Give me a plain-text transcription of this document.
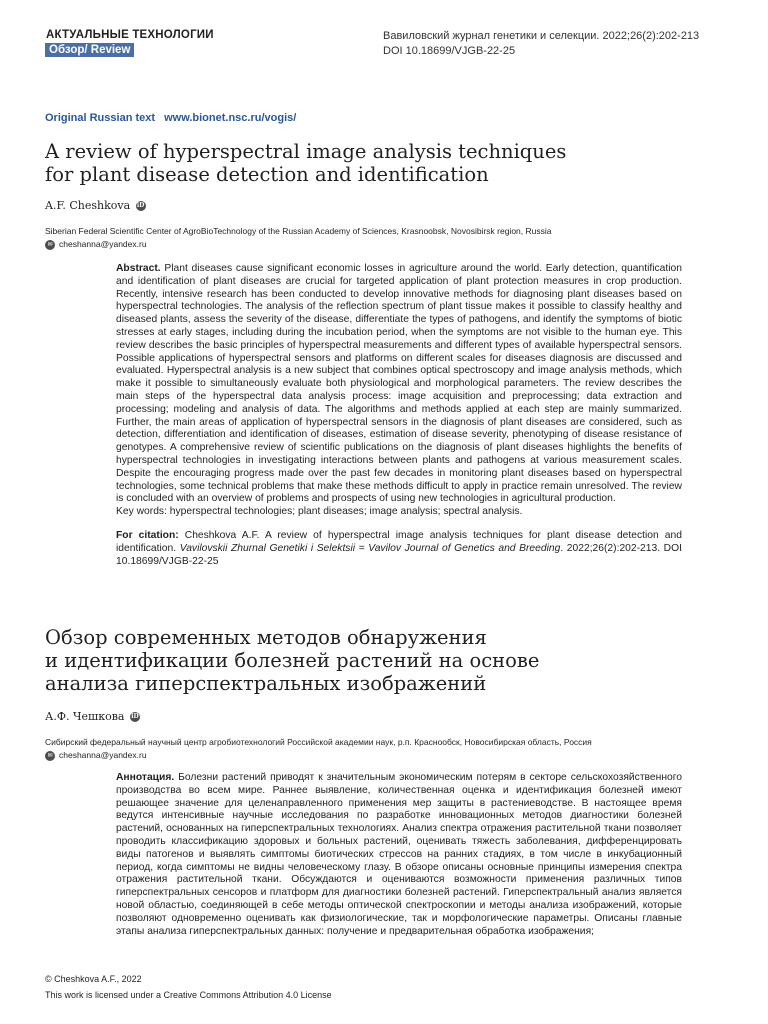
АКТУАЛЬНЫЕ ТЕХНОЛОГИИ
Обзор/ Review
Вавиловский журнал генетики и селекции. 2022;26(2):202-213
DOI 10.18699/VJGB-22-25
Original Russian text www.bionet.nsc.ru/vogis/
A review of hyperspectral image analysis techniques
for plant disease detection and identification
A.F. Cheshkova iD
Siberian Federal Scientific Center of AgroBioTechnology of the Russian Academy of Sciences, Krasnoobsk, Novosibirsk region, Russia
✉ cheshanna@yandex.ru

Abstract. Plant diseases cause significant economic losses in agriculture around the world. Early detection, quantification and identification of plant diseases are crucial for targeted application of plant protection measures in crop production. Recently, intensive research has been conducted to develop innovative methods for diagnosing plant diseases based on hyperspectral technologies. The analysis of the reflection spectrum of plant tissue makes it possible to classify healthy and diseased plants, assess the severity of the disease, differentiate the types of pathogens, and identify the symptoms of biotic stresses at early stages, including during the incubation period, when the symptoms are not visible to the human eye. This review describes the basic principles of hyperspectral measurements and different types of available hyperspectral sensors. Possible applications of hyperspectral sensors and platforms on different scales for diseases diagnosis are discussed and evaluated. Hyperspectral analysis is a new subject that combines optical spectroscopy and image analysis methods, which make it possible to simultaneously evaluate both physiological and morphological parameters. The review describes the main steps of the hyperspectral data analysis process: image acquisition and preprocessing; data extraction and processing; modeling and analysis of data. The algorithms and methods applied at each step are mainly summarized. Further, the main areas of application of hyperspectral sensors in the diagnosis of plant diseases are considered, such as detection, differentiation and identification of diseases, estimation of disease severity, phenotyping of disease resistance of genotypes. A comprehensive review of scientific publications on the diagnosis of plant diseases highlights the benefits of hyperspectral technologies in investigating interactions between plants and pathogens at various measurement scales. Despite the encouraging progress made over the past few decades in monitoring plant diseases based on hyperspectral technologies, some technical problems that make these methods difficult to apply in practice remain unresolved. The review is concluded with an overview of problems and prospects of using new technologies in agricultural production.

Key words: hyperspectral technologies; plant diseases; image analysis; spectral analysis.

For citation: Cheshkova A.F. A review of hyperspectral image analysis techniques for plant disease detection and identification. Vavilovskii Zhurnal Genetiki i Selektsii = Vavilov Journal of Genetics and Breeding. 2022;26(2):202-213. DOI 10.18699/VJGB-22-25

Обзор современных методов обнаружения
и идентификации болезней растений на основе
анализа гиперспектральных изображений
А.Ф. Чешкова iD
Сибирский федеральный научный центр агробиотехнологий Российской академии наук, р.п. Краснообск, Новосибирская область, Россия
✉ cheshanna@yandex.ru

Аннотация. Болезни растений приводят к значительным экономическим потерям в секторе сельскохозяйственного производства во всем мире. Раннее выявление, количественная оценка и идентификация болезней имеют решающее значение для целенаправленного применения мер защиты в растениеводстве. В настоящее время ведутся интенсивные научные исследования по разработке инновационных методов диагностики болезней растений, основанных на гиперспектральных технологиях. Анализ спектра отражения растительной ткани позволяет проводить классификацию здоровых и больных растений, оценивать тяжесть заболевания, дифференцировать виды патогенов и выявлять симптомы биотических стрессов на ранних стадиях, в том числе в инкубационный период, когда симптомы не видны человеческому глазу. В обзоре описаны основные принципы измерения спектра отражения растительной ткани. Обсуждаются и оцениваются возможности применения различных типов гиперспектральных сенсоров и платформ для диагностики болезней растений. Гиперспектральный анализ является новой областью, соединяющей в себе методы оптической спектроскопии и методы анализа изображений, которые позволяют одновременно оценивать как физиологические, так и морфологические параметры. Описаны главные этапы анализа гиперспектральных данных: получение и предварительная обработка изображения;

© Cheshkova A.F., 2022
This work is licensed under a Creative Commons Attribution 4.0 License
